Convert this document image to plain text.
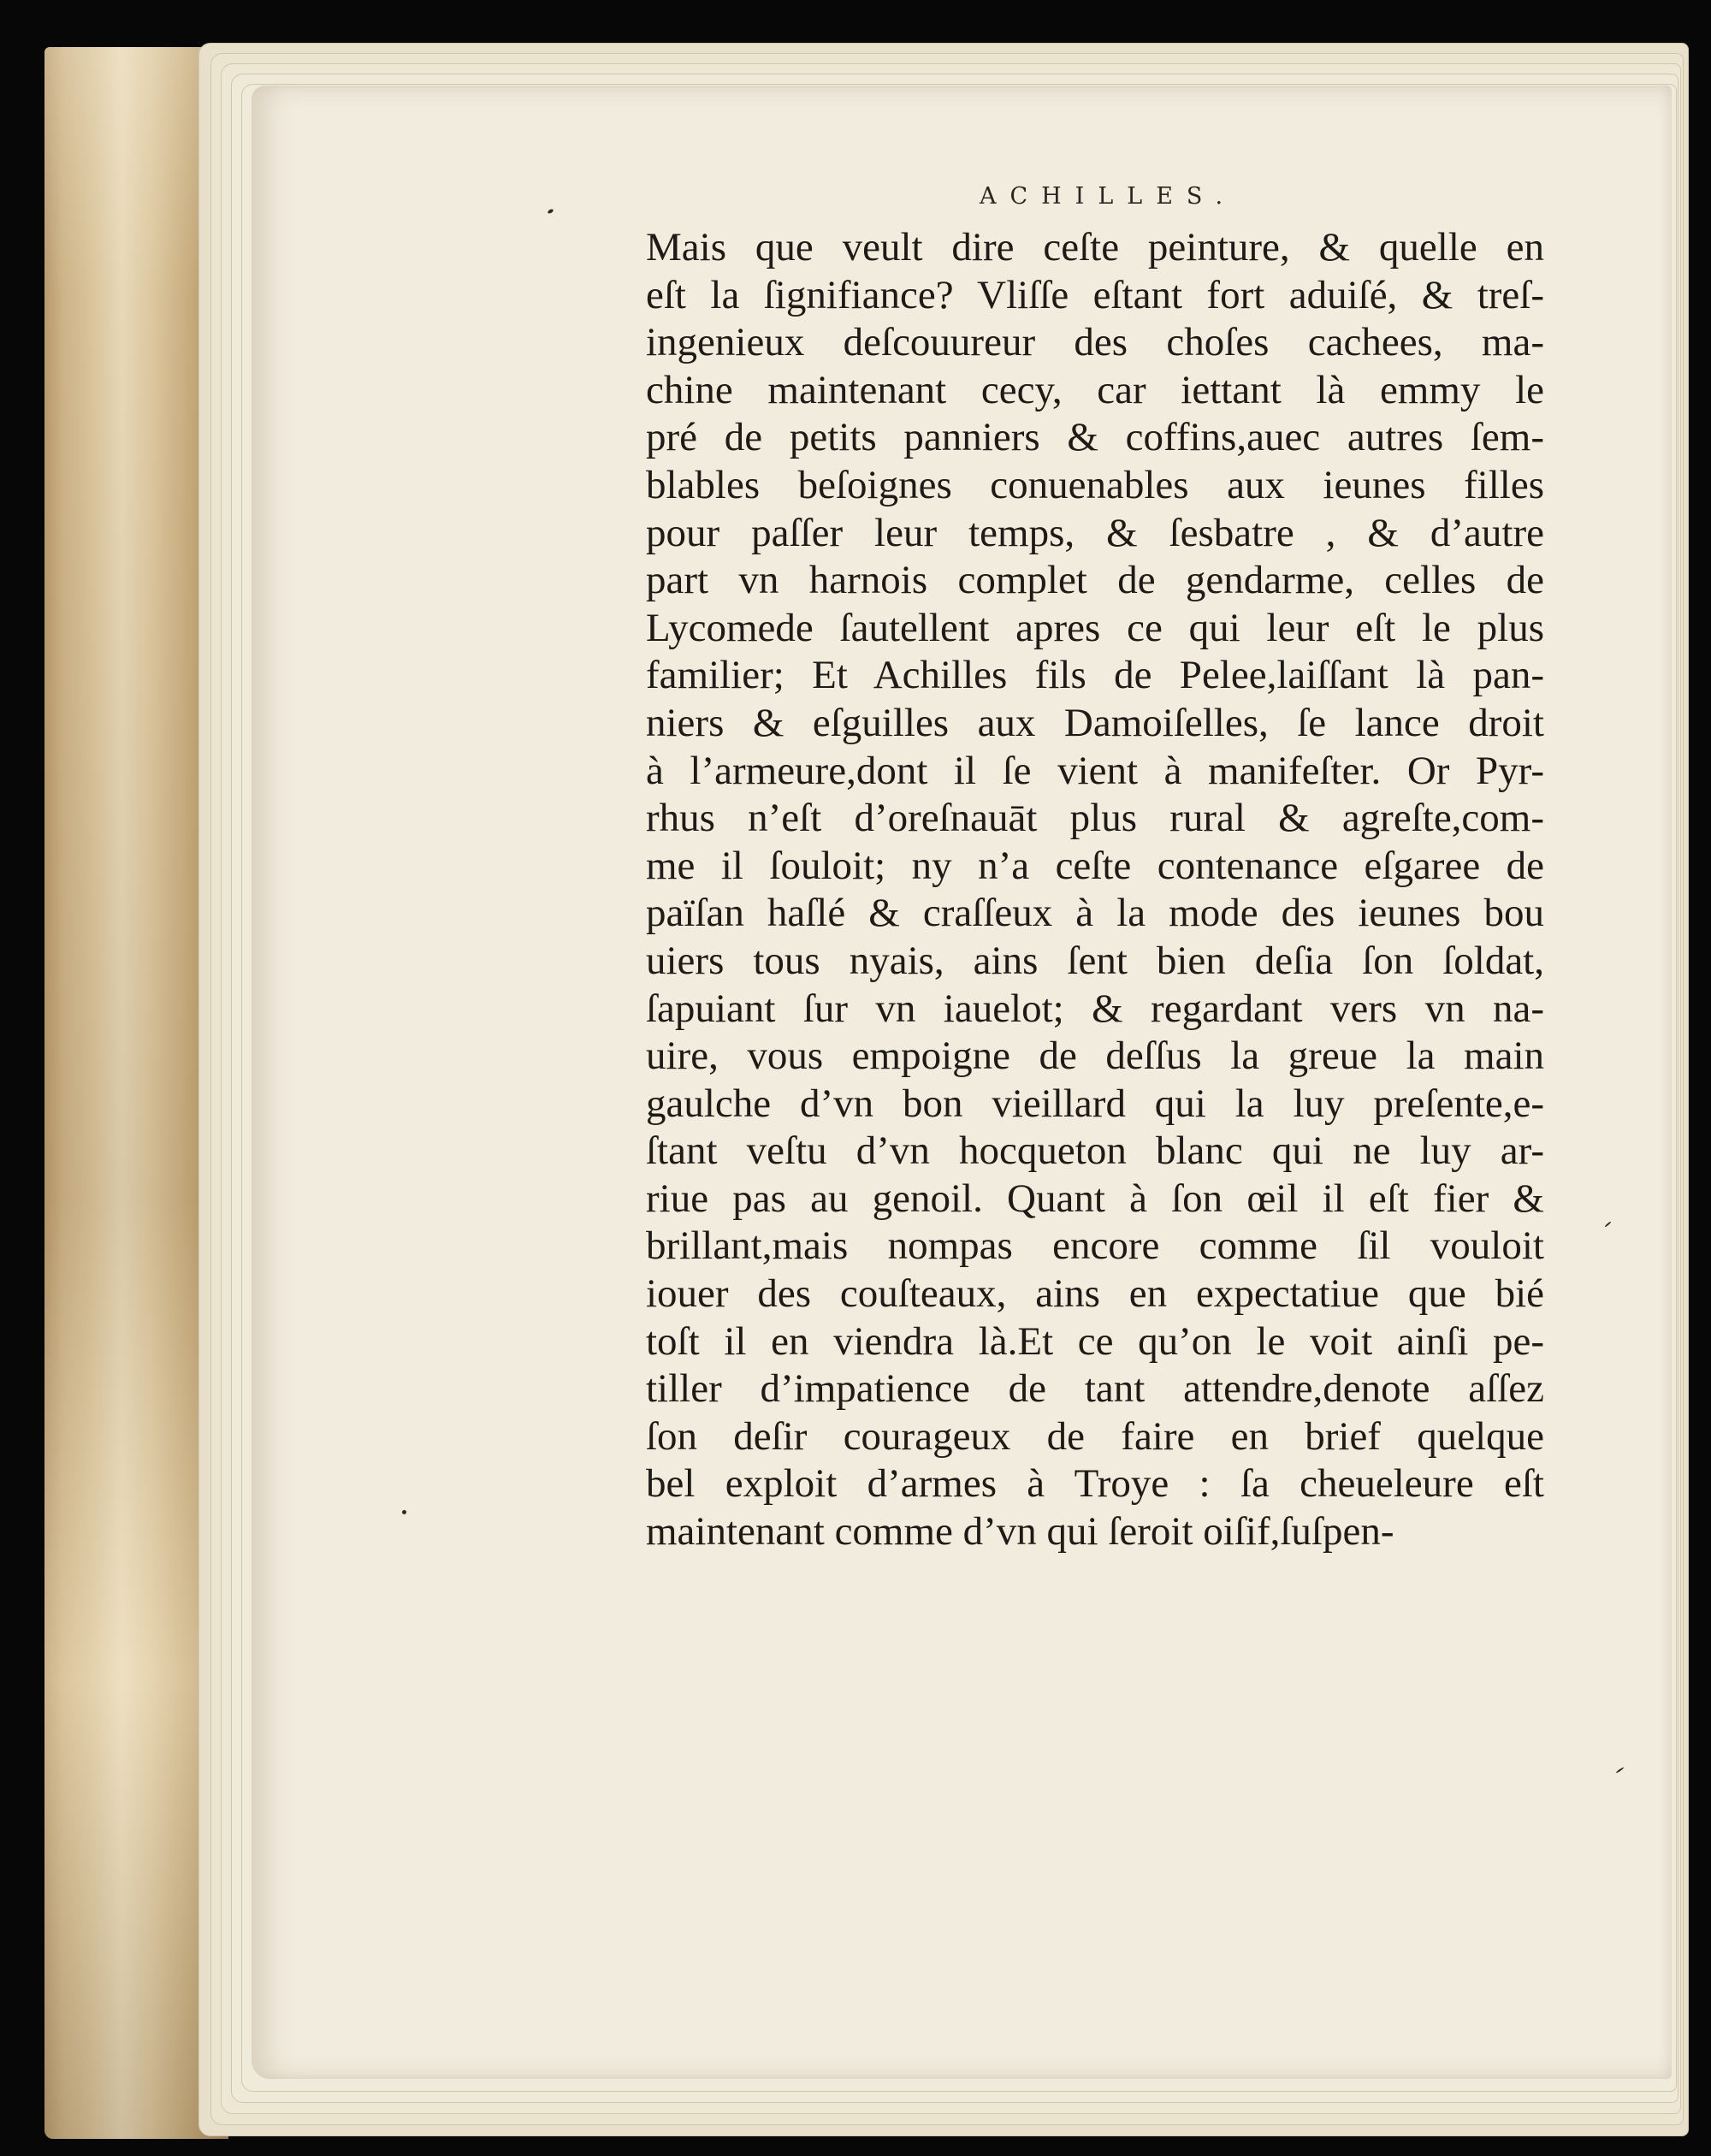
ACHILLES.
Mais que veult dire ceſte peinture, & quelle en
eſt la ſignifiance? Vliſſe eſtant fort aduiſé, & treſ-
ingenieux deſcouureur des choſes cachees, ma-
chine maintenant cecy, car iettant là emmy le
pré de petits panniers & coffins,auec autres ſem-
blables beſoignes conuenables aux ieunes filles
pour paſſer leur temps, & ſesbatre , & d’autre
part vn harnois complet de gendarme, celles de
Lycomede ſautellent apres ce qui leur eſt le plus
familier; Et Achilles fils de Pelee,laiſſant là pan-
niers & eſguilles aux Damoiſelles, ſe lance droit
à l’armeure,dont il ſe vient à manifeſter. Or Pyr-
rhus n’eſt d’oreſnauāt plus rural & agreſte,com-
me il ſouloit; ny n’a ceſte contenance eſgaree de
païſan haſlé & craſſeux à la mode des ieunes bou
uiers tous nyais, ains ſent bien deſia ſon ſoldat,
ſapuiant ſur vn iauelot; & regardant vers vn na-
uire, vous empoigne de deſſus la greue la main
gaulche d’vn bon vieillard qui la luy preſente,e-
ſtant veſtu d’vn hocqueton blanc qui ne luy ar-
riue pas au genoil. Quant à ſon œil il eſt fier &
brillant,mais nompas encore comme ſil vouloit
iouer des couſteaux, ains en expectatiue que bié
toſt il en viendra là.Et ce qu’on le voit ainſi pe-
tiller d’impatience de tant attendre,denote aſſez
ſon deſir courageux de faire en brief quelque
bel exploit d’armes à Troye : ſa cheueleure eſt
maintenant comme d’vn qui ſeroit oiſif,ſuſpen-
